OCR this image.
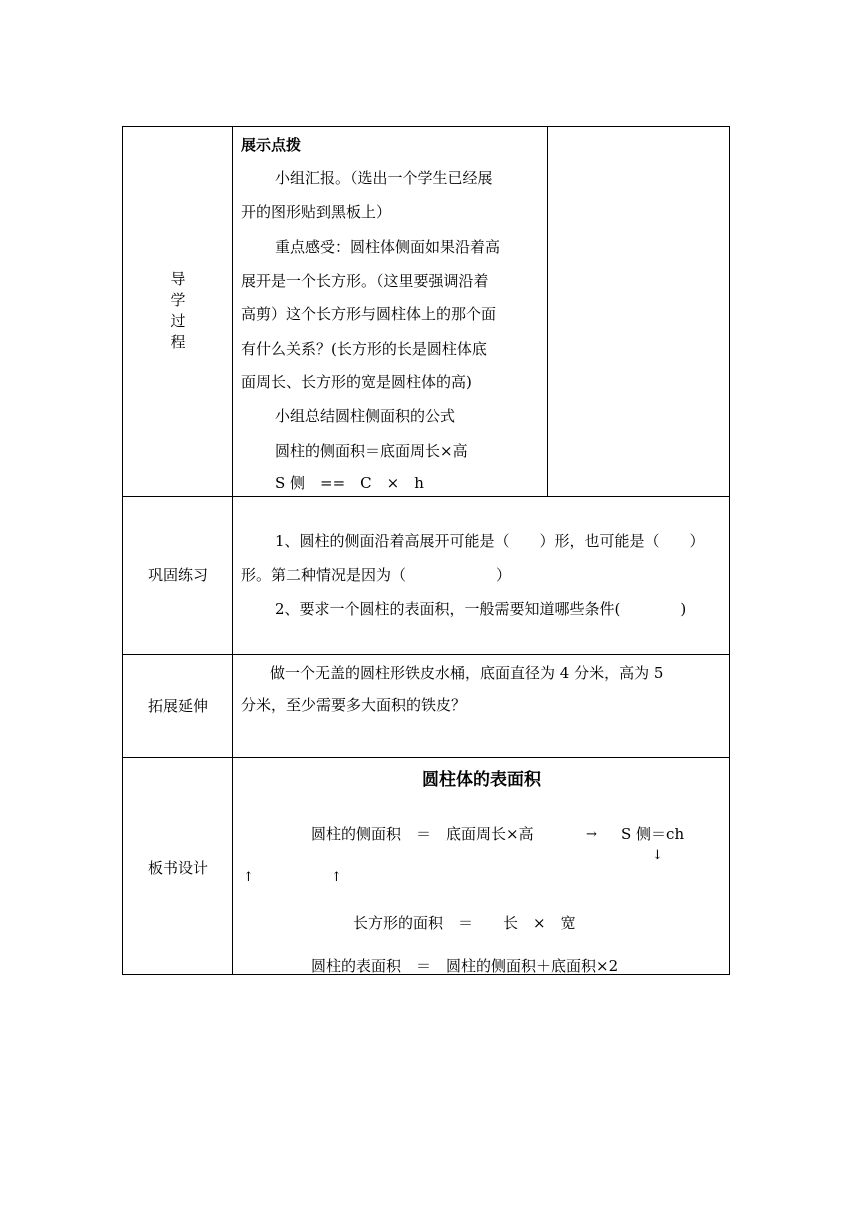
导
学
过
程
展示点拨
小组汇报。（选出一个学生已经展
开的图形贴到黑板上）
重点感受：圆柱体侧面如果沿着高
展开是一个长方形。（这里要强调沿着
高剪）这个长方形与圆柱体上的那个面
有什么关系？(长方形的长是圆柱体底
面周长、长方形的宽是圆柱体的高)
小组总结圆柱侧面积的公式
圆柱的侧面积＝底面周长×高
S 侧　==　C　×　h
巩固练习
1、圆柱的侧面沿着高展开可能是（　　）形，也可能是（　　）
形。第二种情况是因为（　　　　　　）
2、要求一个圆柱的表面积，一般需要知道哪些条件(　　　　)
拓展延伸
做一个无盖的圆柱形铁皮水桶，底面直径为 4 分米，高为 5
分米，至少需要多大面积的铁皮？
板书设计
圆柱体的表面积
圆柱的侧面积　＝　底面周长×高	→ S 侧＝ch
↓
↑	↑
长方形的面积　＝　　长　×　宽
圆柱的表面积　＝　圆柱的侧面积＋底面积×2
